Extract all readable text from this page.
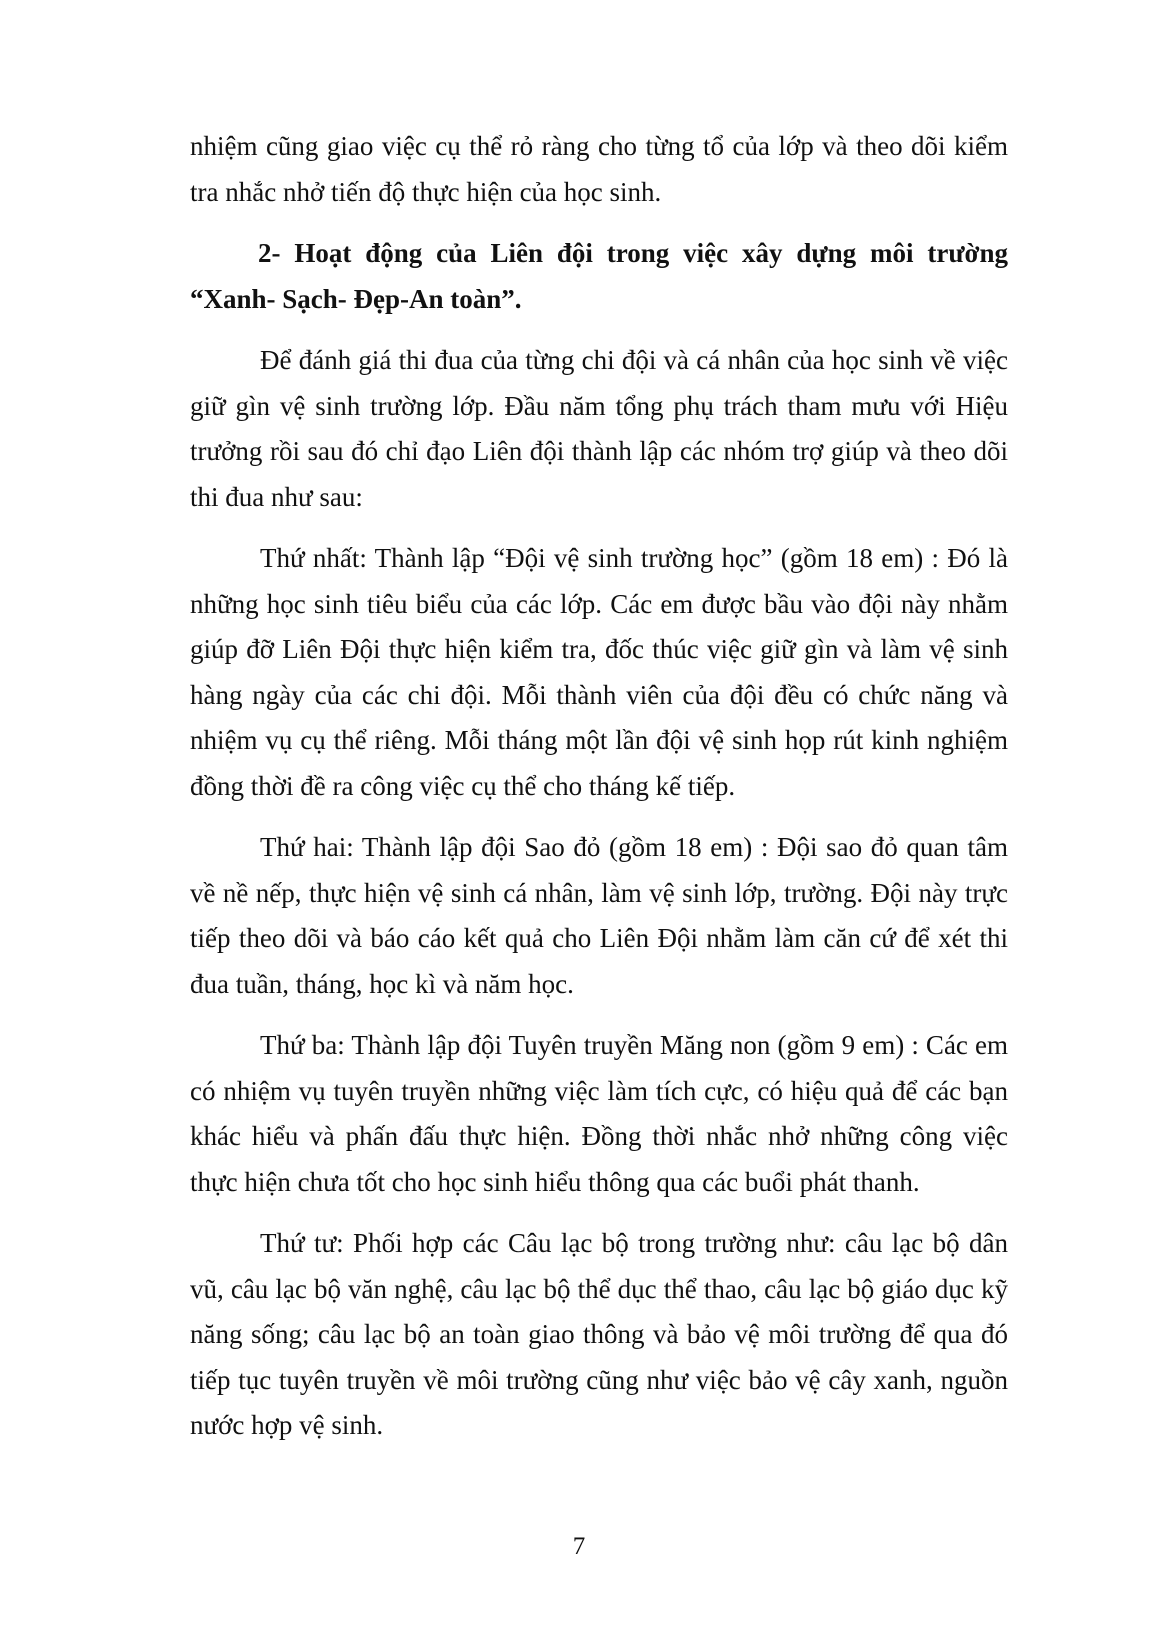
nhiệm cũng giao việc cụ thể rỏ ràng cho từng tổ của lớp và theo dõi kiểm tra nhắc nhở tiến độ thực hiện của học sinh.

2- Hoạt động của Liên đội trong việc xây dựng môi trường “Xanh- Sạch- Đẹp-An toàn”.

Để đánh giá thi đua của từng chi đội và cá nhân của học sinh về việc giữ gìn vệ sinh trường lớp. Đầu năm tổng phụ trách tham mưu với Hiệu trưởng rồi sau đó chỉ đạo Liên đội thành lập các nhóm trợ giúp và theo dõi thi đua như sau:

Thứ nhất: Thành lập “Đội vệ sinh trường học” (gồm 18 em) : Đó là những học sinh tiêu biểu của các lớp. Các em được bầu vào đội này nhằm giúp đỡ Liên Đội thực hiện kiểm tra, đốc thúc việc giữ gìn và làm vệ sinh hàng ngày của các chi đội. Mỗi thành viên của đội đều có chức năng và nhiệm vụ cụ thể riêng. Mỗi tháng một lần đội vệ sinh họp rút kinh nghiệm đồng thời đề ra công việc cụ thể cho tháng kế tiếp.

Thứ hai: Thành lập đội Sao đỏ (gồm 18 em) : Đội sao đỏ quan tâm về nề nếp, thực hiện vệ sinh cá nhân, làm vệ sinh lớp, trường. Đội này trực tiếp theo dõi và báo cáo kết quả cho Liên Đội nhằm làm căn cứ để xét thi đua tuần, tháng, học kì và năm học.

Thứ ba: Thành lập đội Tuyên truyền Măng non (gồm 9 em) : Các em có nhiệm vụ tuyên truyền những việc làm tích cực, có hiệu quả để các bạn khác hiểu và phấn đấu thực hiện. Đồng thời nhắc nhở những công việc thực hiện chưa tốt cho học sinh hiểu thông qua các buổi phát thanh.

Thứ tư: Phối hợp các Câu lạc bộ trong trường như: câu lạc bộ dân vũ, câu lạc bộ văn nghệ, câu lạc bộ thể dục thể thao, câu lạc bộ giáo dục kỹ năng sống; câu lạc bộ an toàn giao thông và bảo vệ môi trường để qua đó tiếp tục tuyên truyền về môi trường cũng như việc bảo vệ cây xanh, nguồn nước hợp vệ sinh.

7
